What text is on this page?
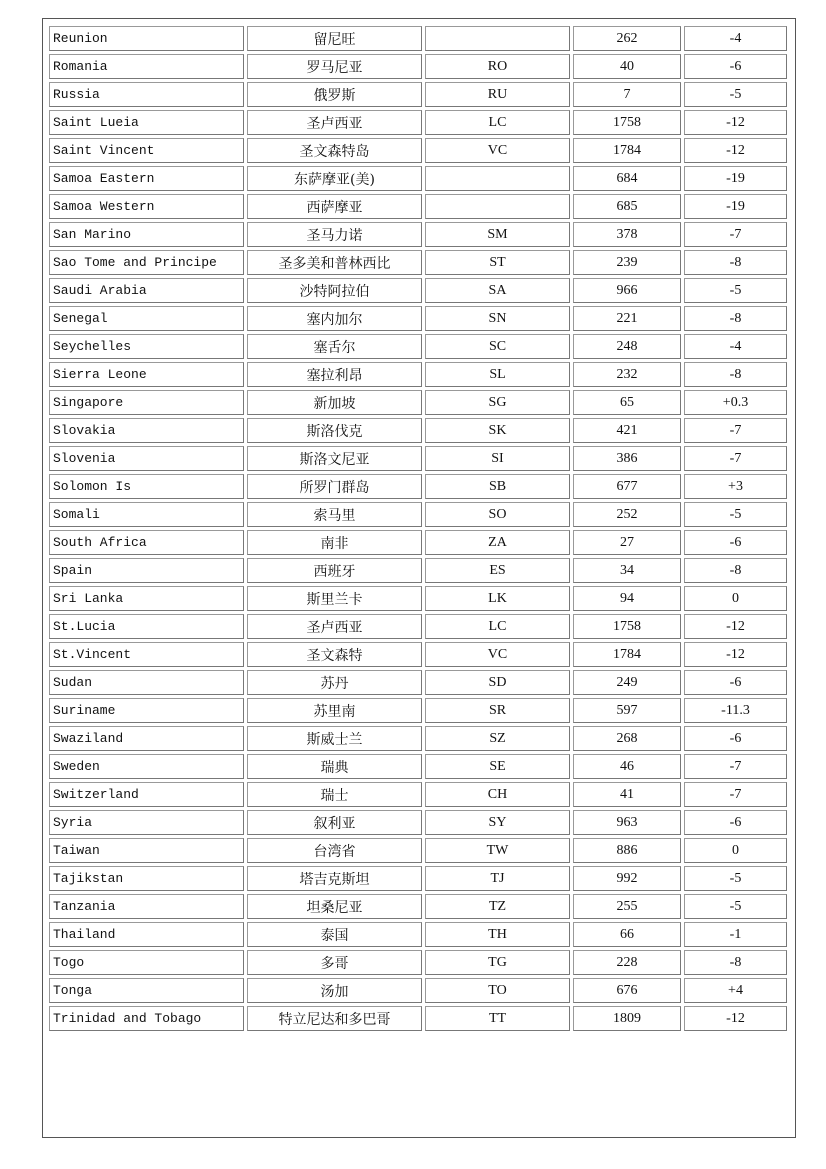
Reunion	留尼旺		262	-4
Romania	罗马尼亚	RO	40	-6
Russia	俄罗斯	RU	7	-5
Saint Lueia	圣卢西亚	LC	1758	-12
Saint Vincent	圣文森特岛	VC	1784	-12
Samoa Eastern	东萨摩亚(美)		684	-19
Samoa Western	西萨摩亚		685	-19
San Marino	圣马力诺	SM	378	-7
Sao Tome and Principe	圣多美和普林西比	ST	239	-8
Saudi Arabia	沙特阿拉伯	SA	966	-5
Senegal	塞内加尔	SN	221	-8
Seychelles	塞舌尔	SC	248	-4
Sierra Leone	塞拉利昂	SL	232	-8
Singapore	新加坡	SG	65	+0.3
Slovakia	斯洛伐克	SK	421	-7
Slovenia	斯洛文尼亚	SI	386	-7
Solomon Is	所罗门群岛	SB	677	+3
Somali	索马里	SO	252	-5
South Africa	南非	ZA	27	-6
Spain	西班牙	ES	34	-8
Sri Lanka	斯里兰卡	LK	94	0
St.Lucia	圣卢西亚	LC	1758	-12
St.Vincent	圣文森特	VC	1784	-12
Sudan	苏丹	SD	249	-6
Suriname	苏里南	SR	597	-11.3
Swaziland	斯威士兰	SZ	268	-6
Sweden	瑞典	SE	46	-7
Switzerland	瑞士	CH	41	-7
Syria	叙利亚	SY	963	-6
Taiwan	台湾省	TW	886	0
Tajikstan	塔吉克斯坦	TJ	992	-5
Tanzania	坦桑尼亚	TZ	255	-5
Thailand	泰国	TH	66	-1
Togo	多哥	TG	228	-8
Tonga	汤加	TO	676	+4
Trinidad and Tobago	特立尼达和多巴哥	TT	1809	-12
